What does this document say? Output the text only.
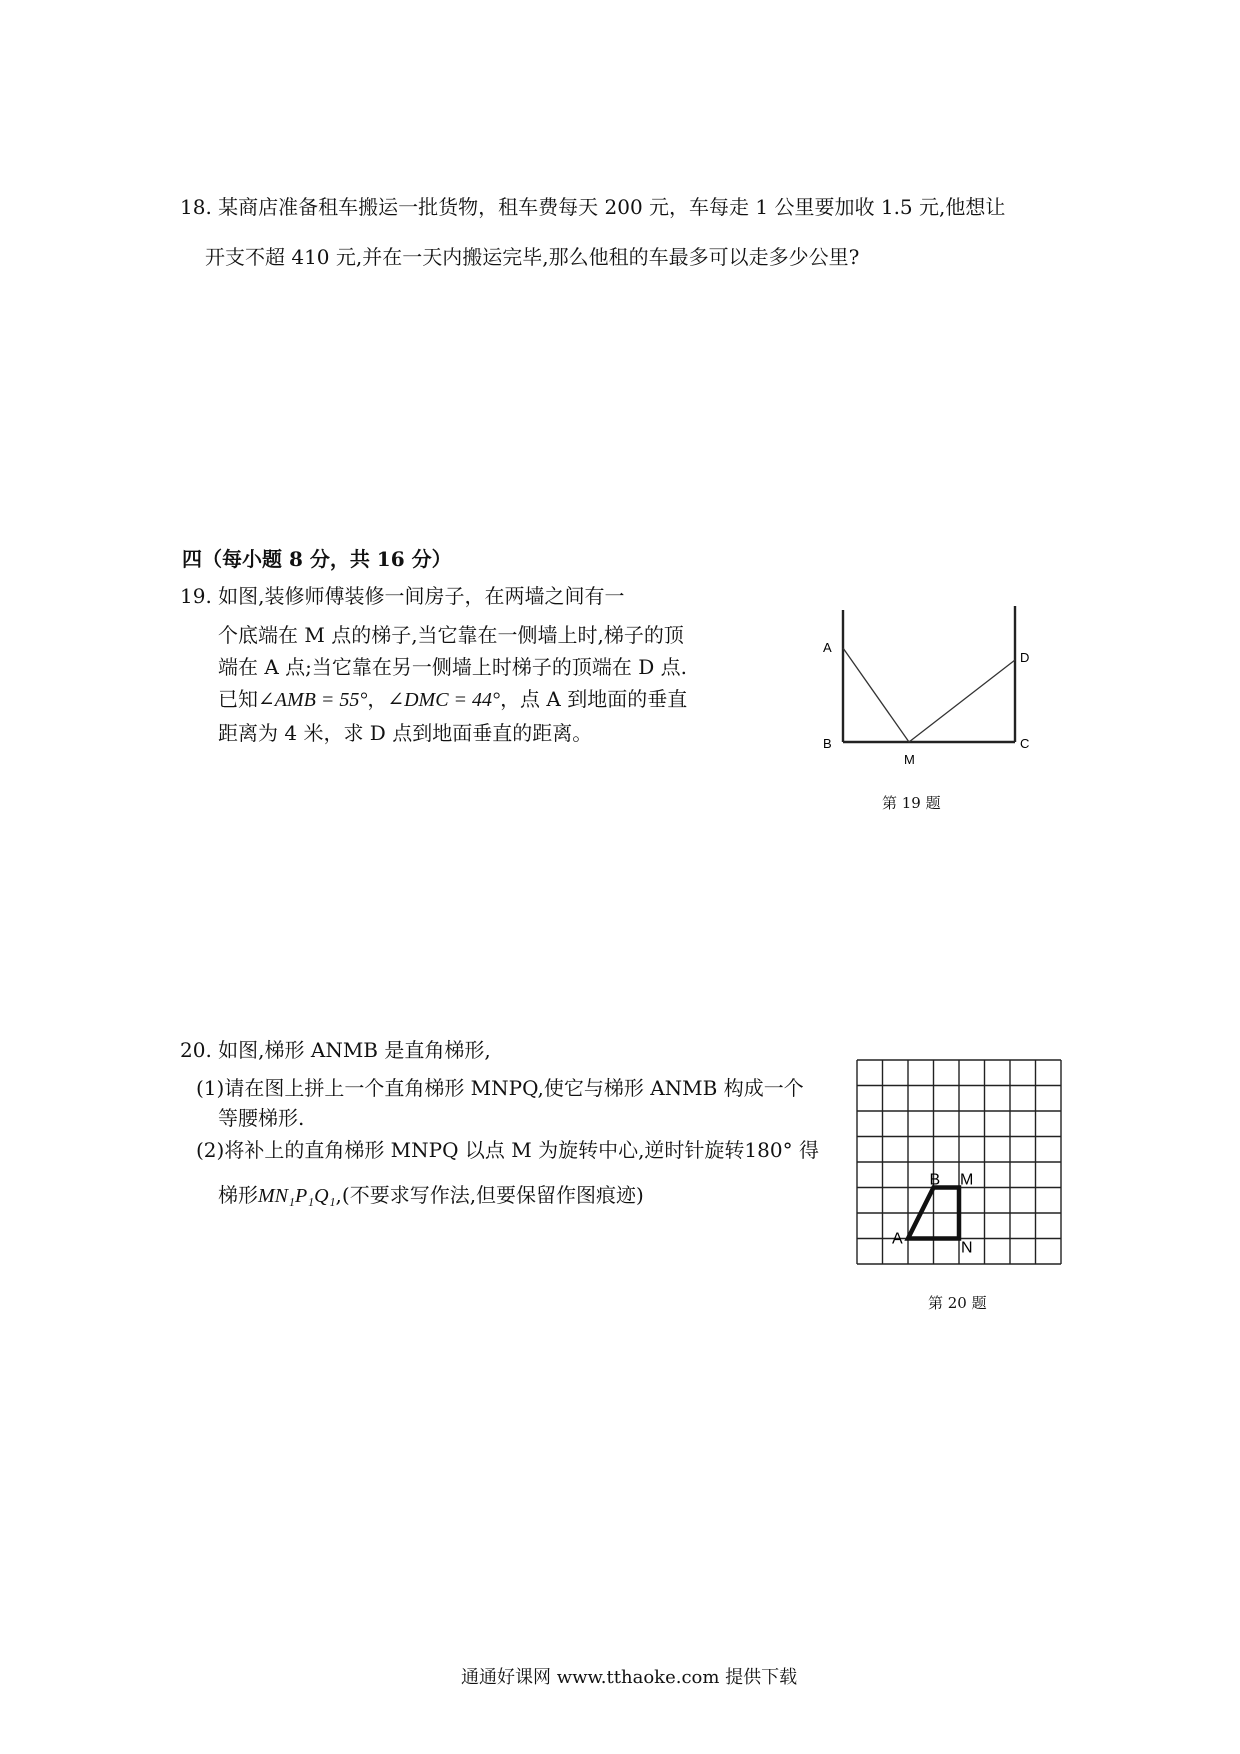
18. 某商店准备租车搬运一批货物，租车费每天 200 元，车每走 1 公里要加收 1.5 元,他想让
开支不超 410 元,并在一天内搬运完毕,那么他租的车最多可以走多少公里?
四（每小题 8 分，共 16 分）
19. 如图,装修师傅装修一间房子，在两墙之间有一
个底端在 M 点的梯子,当它靠在一侧墙上时,梯子的顶
端在 A 点;当它靠在另一侧墙上时梯子的顶端在 D 点.
已知∠AMB = 55°，∠DMC = 44°，点 A 到地面的垂直
距离为 4 米，求 D 点到地面垂直的距离。
A
D
B	C
M
第 19 题
20. 如图,梯形 ANMB 是直角梯形,
(1)请在图上拼上一个直角梯形 MNPQ,使它与梯形 ANMB 构成一个
等腰梯形.
(2)将补上的直角梯形 MNPQ 以点 M 为旋转中心,逆时针旋转180° 得
梯形MN₁P₁Q₁,(不要求写作法,但要保留作图痕迹)
A
B M
N
第 20 题
通通好课网 www.tthaoke.com 提供下载
